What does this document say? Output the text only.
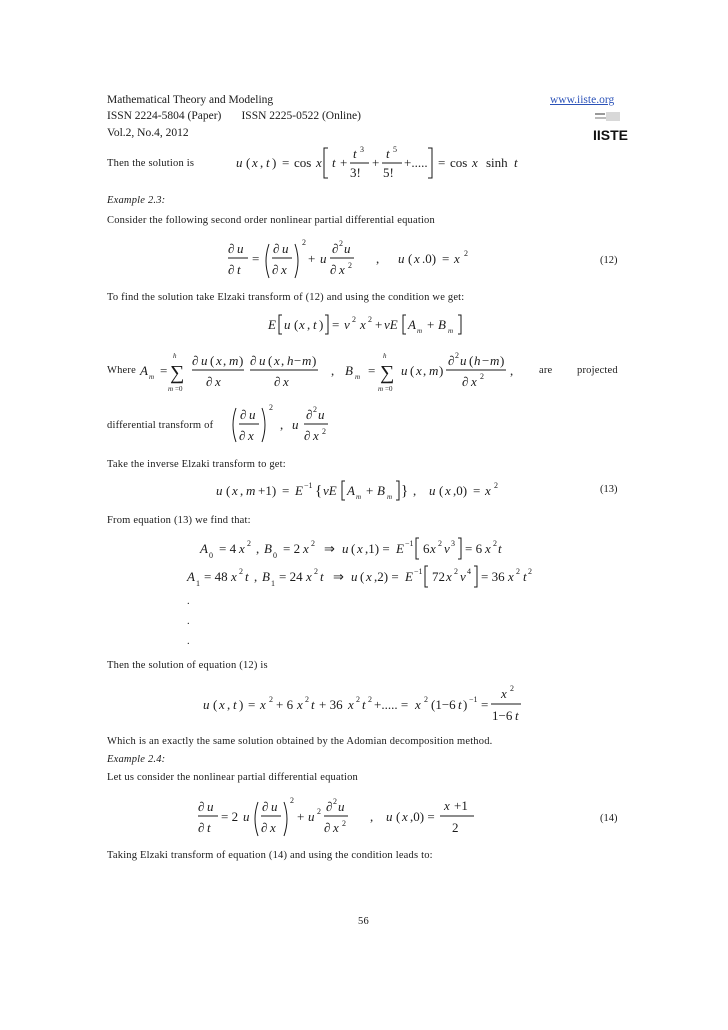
Mathematical Theory and Modeling
ISSN 2224-5804 (Paper)       ISSN 2225-0522 (Online)
Vol.2, No.4, 2012
www.iiste.org
IISTE
Then the solution is	u ( x , t ) = cos x t +
t 3
3!
+
t 5
5!
+..... = cos x sinh t
Example 2.3:
Consider the following second order nonlinear partial differential equation
∂ u
∂ t
=
∂ u
∂ x
2
+ u
∂ 2 u
∂ x 2 , u ( x .0) = x 2
(12)
To find the solution take Elzaki transform of (12) and using the condition we get:
E u ( x , t ) = v 2 x 2 + vE A m + B m
Where A m =
h
∑
m =0
∂ u ( x , m )
∂ x
∂ u ( x , h − m )
∂ x
, B m =
h
∑
m =0
u ( x , m )
∂ 2 u ( h − m )
∂ x 2 , are projected
differential transform of
∂ u
∂ x
2
, u
∂ 2 u
∂ x 2
Take the inverse Elzaki transform to get:
u ( x , m +1) = E −1 { vE A m + B m } , u ( x ,0) = x 2	(13)
From equation (13) we find that:
A 0 = 4 x 2 , B 0 = 2 x 2 ⇒ u ( x ,1) = E −1 6 x 2 v 3 = 6 x 2 t
A 1 = 48 x 2 t , B 1 = 24 x 2 t ⇒ u ( x ,2) = E −1 72 x 2 v 4 = 36 x 2 t 2
.
.
.
Then the solution of equation (12) is
u ( x , t ) = x 2 + 6 x 2 t + 36 x 2 t 2 +..... = x 2 (1−6 t ) −1 =
x 2
1−6 t
Which is an exactly the same solution obtained by the Adomian decomposition method.
Example 2.4:
Let us consider the nonlinear partial differential equation
∂ u
∂ t
= 2 u
∂ u
∂ x
2
+ u 2 ∂ 2 u
∂ x 2 , u ( x ,0) =
x +1
2
(14)
Taking Elzaki transform of equation (14) and using the condition leads to:
56
